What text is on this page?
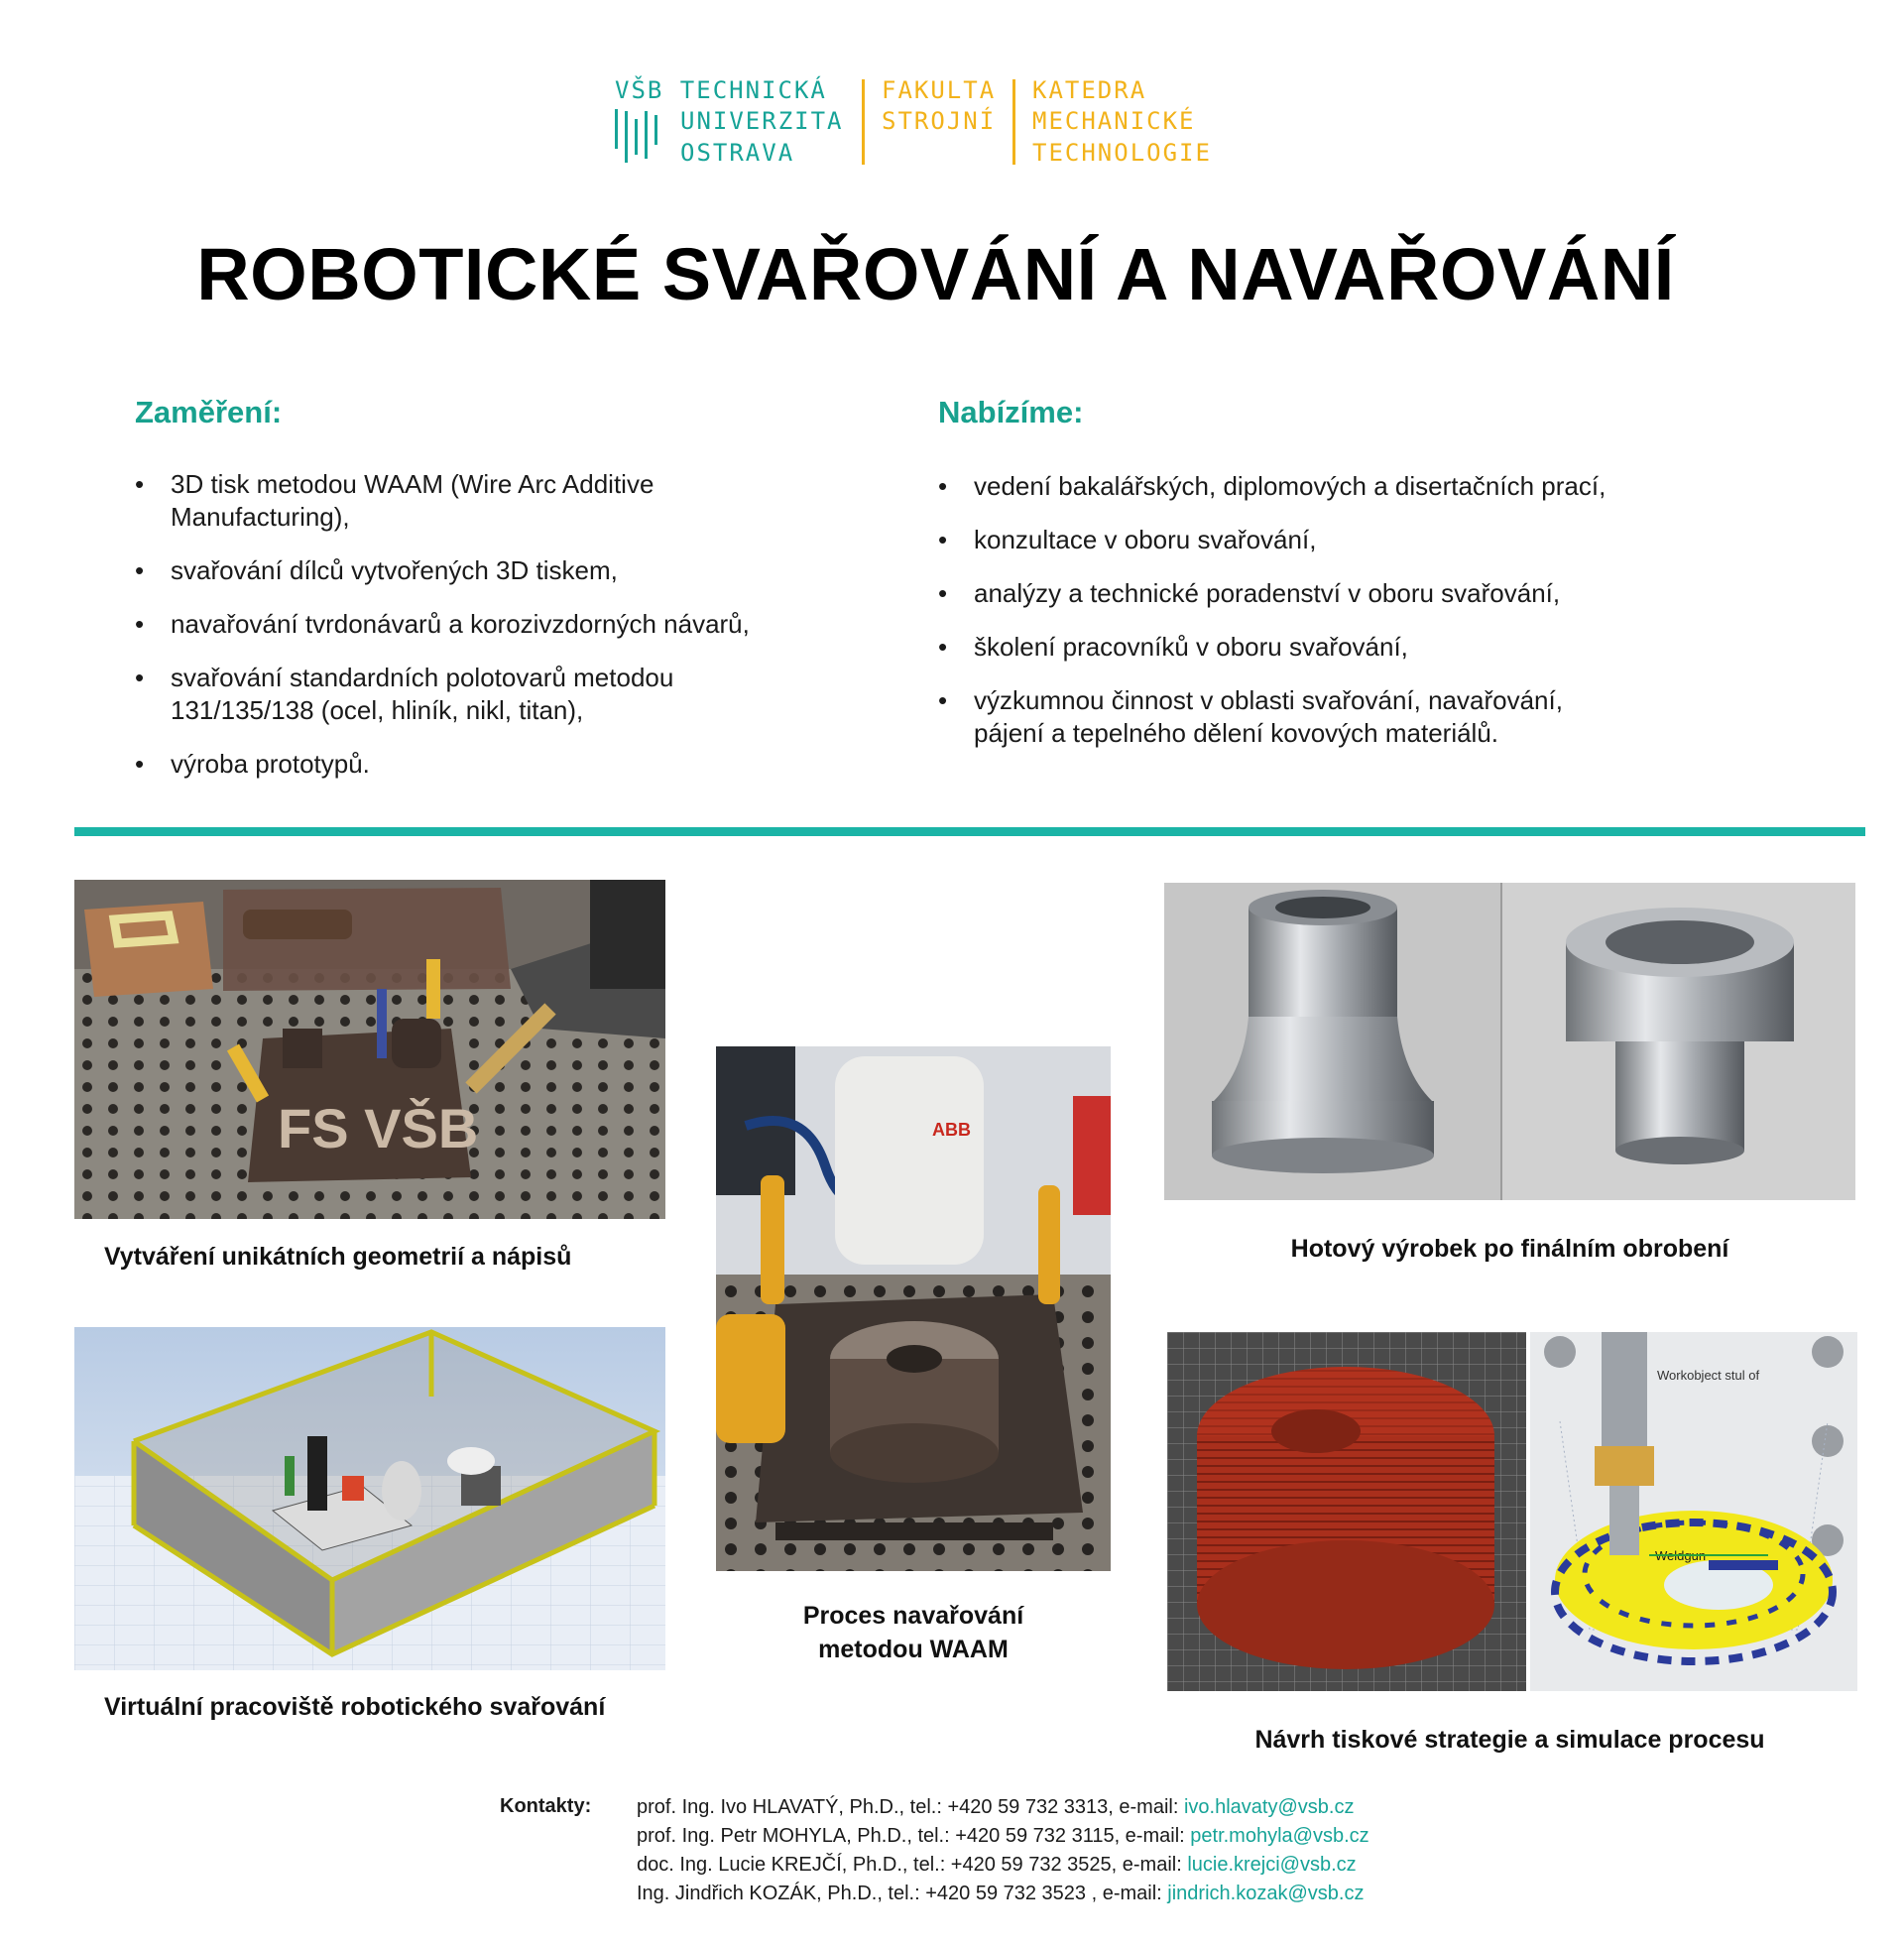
VŠB TECHNICKÁ
UNIVERZITA
OSTRAVA
FAKULTA
STROJNÍ
KATEDRA
MECHANICKÉ
TECHNOLOGIE
ROBOTICKÉ SVAŘOVÁNÍ A NAVAŘOVÁNÍ
Zaměření:
• 3D tisk metodou WAAM (Wire Arc Additive Manufacturing),
• svařování dílců vytvořených 3D tiskem,
• navařování tvrdonávarů a korozivzdorných návarů,
• svařování standardních polotovarů metodou 131/135/138 (ocel, hliník, nikl, titan),
• výroba prototypů.
Nabízíme:
• vedení bakalářských, diplomových a disertačních prací,
• konzultace v oboru svařování,
• analýzy a technické poradenství v oboru svařování,
• školení pracovníků v oboru svařování,
• výzkumnou činnost v oblasti svařování, navařování, pájení a tepelného dělení kovových materiálů.
FS VŠB
Vytváření unikátních geometrií a nápisů
Virtuální pracoviště robotického svařování
ABB
Proces navařování
metodou WAAM
Hotový výrobek po finálním obrobení
Workobject stul of
Weldgun
Návrh tiskové strategie a simulace procesu
Kontakty: prof. Ing. Ivo HLAVATÝ, Ph.D., tel.: +420 59 732 3313, e-mail: ivo.hlavaty@vsb.cz
prof. Ing. Petr MOHYLA, Ph.D., tel.: +420 59 732 3115, e-mail: petr.mohyla@vsb.cz
doc. Ing. Lucie KREJČÍ, Ph.D., tel.: +420 59 732 3525, e-mail: lucie.krejci@vsb.cz
Ing. Jindřich KOZÁK, Ph.D., tel.: +420 59 732 3523 , e-mail: jindrich.kozak@vsb.cz
